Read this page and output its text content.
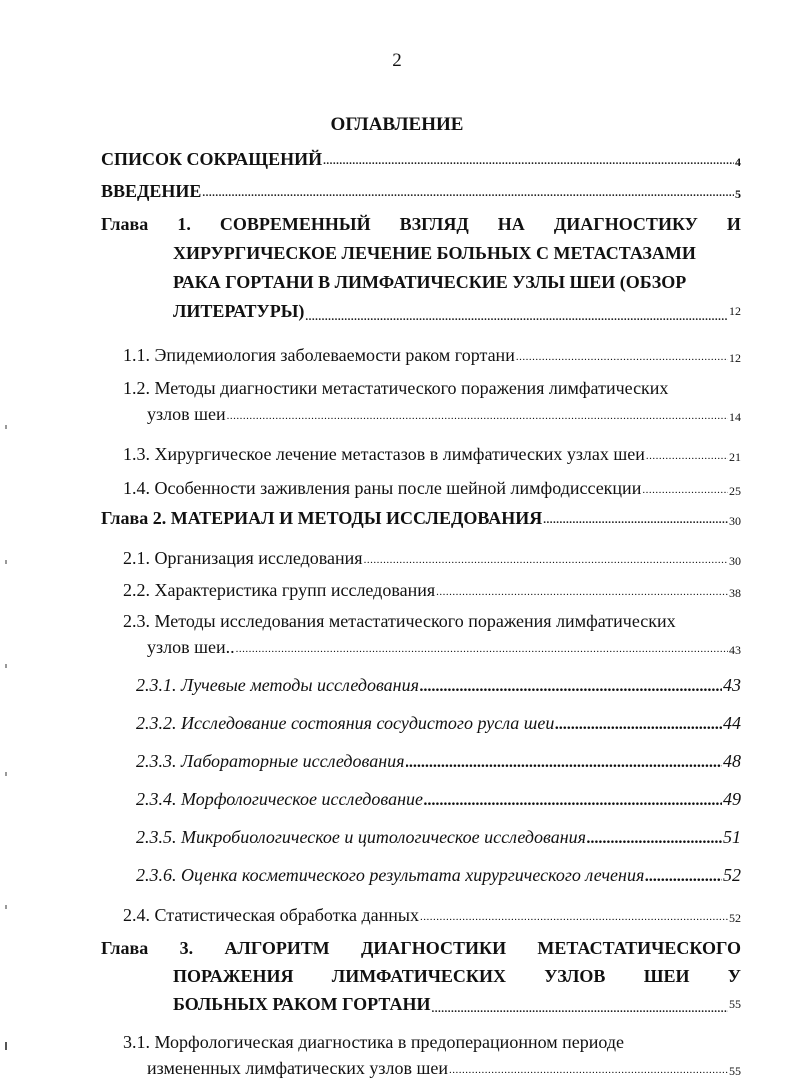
2
ОГЛАВЛЕНИЕ
СПИСОК СОКРАЩЕНИЙ .....	4
ВВЕДЕНИЕ .....	5
Глава 1. СОВРЕМЕННЫЙ ВЗГЛЯД НА ДИАГНОСТИКУ И
ХИРУРГИЧЕСКОЕ ЛЕЧЕНИЕ БОЛЬНЫХ С МЕТАСТАЗАМИ
РАКА ГОРТАНИ В ЛИМФАТИЧЕСКИЕ УЗЛЫ ШЕИ (ОБЗОР
ЛИТЕРАТУРЫ) .....	12
1.1. Эпидемиология заболеваемости раком гортани .....	12
1.2. Методы диагностики метастатического поражения лимфатических
узлов шеи .....	14
1.3. Хирургическое лечение метастазов в лимфатических узлах шеи .....	21
1.4. Особенности заживления раны после шейной лимфодиссекции .....	25
Глава 2. МАТЕРИАЛ И МЕТОДЫ ИССЛЕДОВАНИЯ .....	30
2.1. Организация исследования .....	30
2.2. Характеристика групп исследования .....	38
2.3. Методы исследования метастатического поражения лимфатических
узлов шеи.. .....	43
2.3.1. Лучевые методы исследования .....	43
2.3.2. Исследование состояния сосудистого русла шеи .....	44
2.3.3. Лабораторные исследования .....	48
2.3.4. Морфологическое исследование .....	49
2.3.5. Микробиологическое и цитологическое исследования .....	51
2.3.6. Оценка косметического результата хирургического лечения .....	52
2.4. Статистическая обработка данных .....	52
Глава 3. АЛГОРИТМ ДИАГНОСТИКИ МЕТАСТАТИЧЕСКОГО
ПОРАЖЕНИЯ ЛИМФАТИЧЕСКИХ УЗЛОВ ШЕИ У
БОЛЬНЫХ РАКОМ ГОРТАНИ .....	55
3.1. Морфологическая диагностика в предоперационном периоде
измененных лимфатических узлов шеи .....	55
